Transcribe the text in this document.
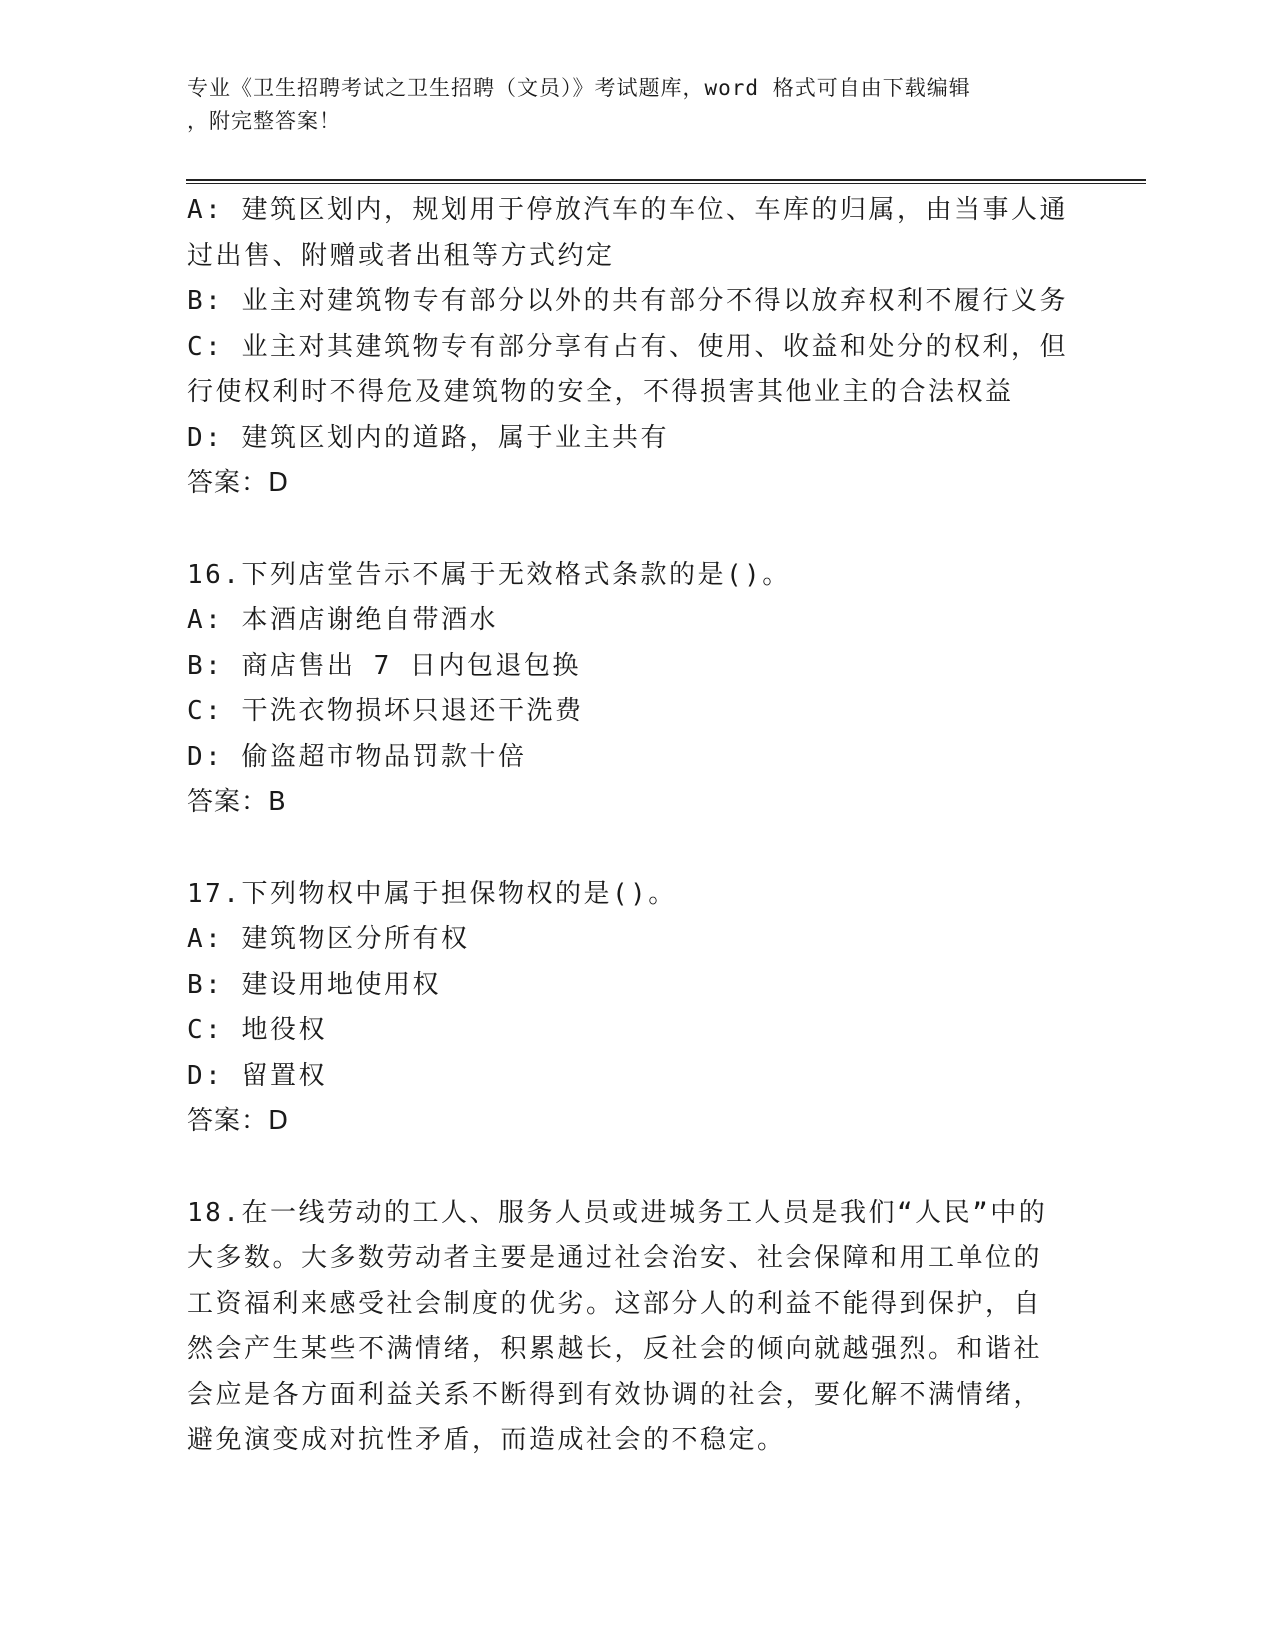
专业《卫生招聘考试之卫生招聘（文员）》考试题库，word 格式可自由下载编辑
，附完整答案！
A: 建筑区划内，规划用于停放汽车的车位、车库的归属，由当事人通
过出售、附赠或者出租等方式约定
B: 业主对建筑物专有部分以外的共有部分不得以放弃权利不履行义务
C: 业主对其建筑物专有部分享有占有、使用、收益和处分的权利，但
行使权利时不得危及建筑物的安全，不得损害其他业主的合法权益
D: 建筑区划内的道路，属于业主共有
答案：D
16.下列店堂告示不属于无效格式条款的是()。
A: 本酒店谢绝自带酒水
B: 商店售出 7 日内包退包换
C: 干洗衣物损坏只退还干洗费
D: 偷盗超市物品罚款十倍
答案：B
17.下列物权中属于担保物权的是()。
A: 建筑物区分所有权
B: 建设用地使用权
C: 地役权
D: 留置权
答案：D
18.在一线劳动的工人、服务人员或进城务工人员是我们“人民”中的
大多数。大多数劳动者主要是通过社会治安、社会保障和用工单位的
工资福利来感受社会制度的优劣。这部分人的利益不能得到保护，自
然会产生某些不满情绪，积累越长，反社会的倾向就越强烈。和谐社
会应是各方面利益关系不断得到有效协调的社会，要化解不满情绪，
避免演变成对抗性矛盾，而造成社会的不稳定。
